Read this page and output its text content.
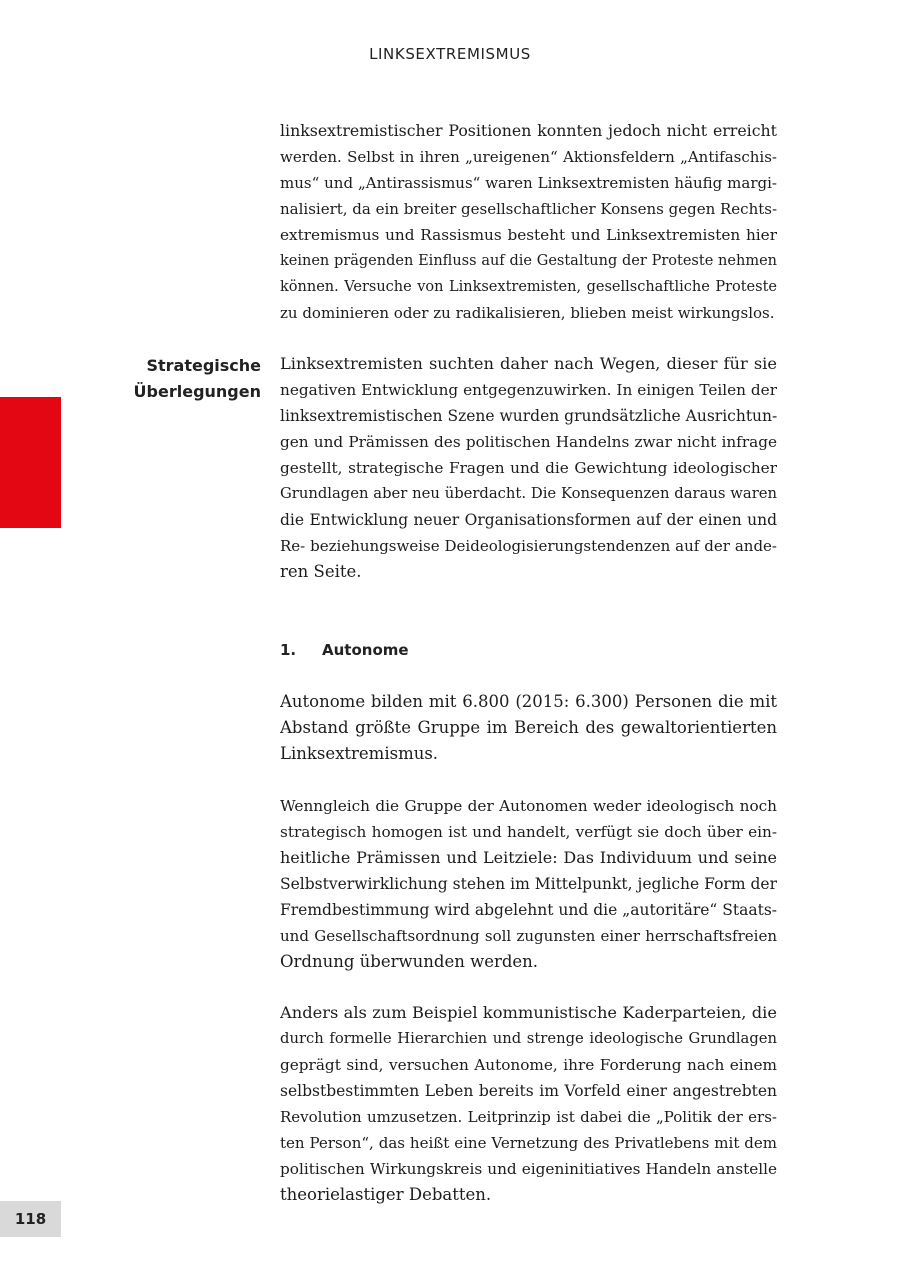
LINKSEXTREMISMUS
linksextremistischer Positionen konnten jedoch nicht erreicht
werden. Selbst in ihren „ureigenen“ Aktionsfeldern „Antifaschis-
mus“ und „Antirassismus“ waren Linksextremisten häufig margi-
nalisiert, da ein breiter gesellschaftlicher Konsens gegen Rechts-
extremismus und Rassismus besteht und Linksextremisten hier
keinen prägenden Einfluss auf die Gestaltung der Proteste nehmen
können. Versuche von Linksextremisten, gesellschaftliche Proteste
zu dominieren oder zu radikalisieren, blieben meist wirkungslos.
Strategische
Überlegungen
Linksextremisten suchten daher nach Wegen, dieser für sie
negativen Entwicklung entgegenzuwirken. In einigen Teilen der
linksextremistischen Szene wurden grundsätzliche Ausrichtun-
gen und Prämissen des politischen Handelns zwar nicht infrage
gestellt, strategische Fragen und die Gewichtung ideologischer
Grundlagen aber neu überdacht. Die Konsequenzen daraus waren
die Entwicklung neuer Organisationsformen auf der einen und
Re- beziehungsweise Deideologisierungstendenzen auf der ande-
ren Seite.
1. Autonome
Autonome bilden mit 6.800 (2015: 6.300) Personen die mit
Abstand größte Gruppe im Bereich des gewaltorientierten
Linksextremismus.
Wenngleich die Gruppe der Autonomen weder ideologisch noch
strategisch homogen ist und handelt, verfügt sie doch über ein-
heitliche Prämissen und Leitziele: Das Individuum und seine
Selbstverwirklichung stehen im Mittelpunkt, jegliche Form der
Fremdbestimmung wird abgelehnt und die „autoritäre“ Staats-
und Gesellschaftsordnung soll zugunsten einer herrschaftsfreien
Ordnung überwunden werden.
Anders als zum Beispiel kommunistische Kaderparteien, die
durch formelle Hierarchien und strenge ideologische Grundlagen
geprägt sind, versuchen Autonome, ihre Forderung nach einem
selbstbestimmten Leben bereits im Vorfeld einer angestrebten
Revolution umzusetzen. Leitprinzip ist dabei die „Politik der ers-
ten Person“, das heißt eine Vernetzung des Privatlebens mit dem
politischen Wirkungskreis und eigeninitiatives Handeln anstelle
theorielastiger Debatten.
118
